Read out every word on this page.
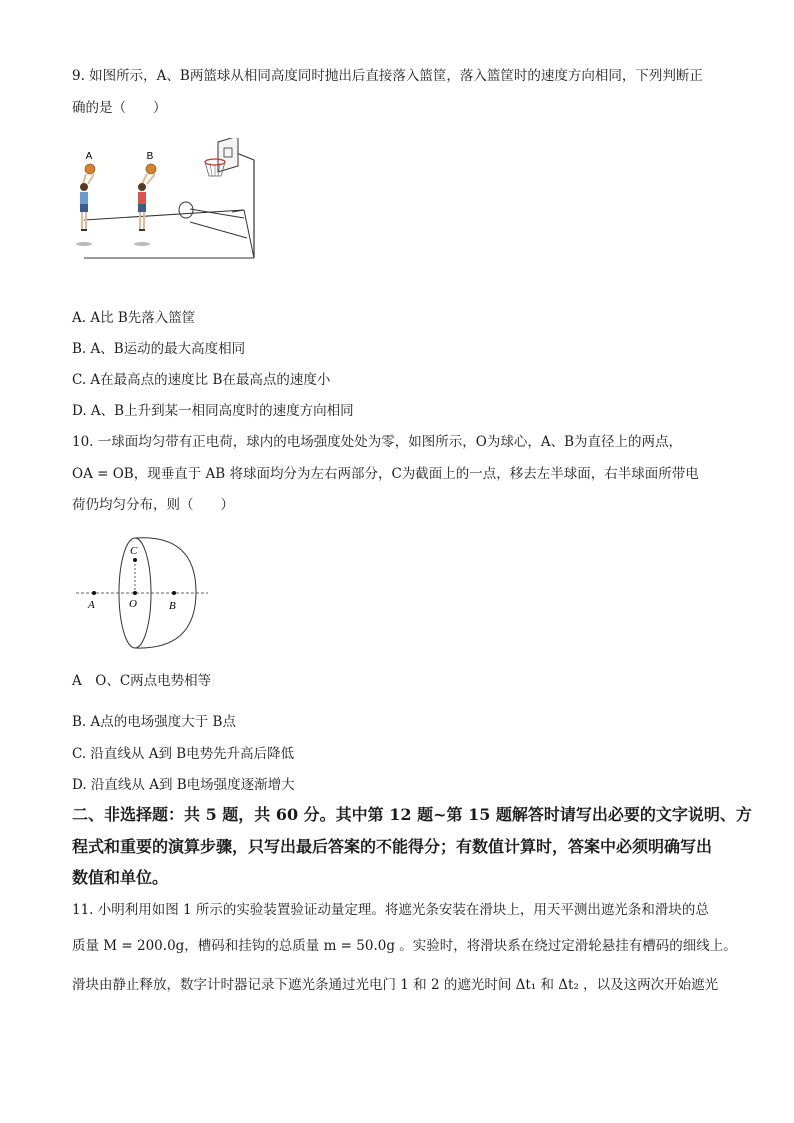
9. 如图所示，A、B两篮球从相同高度同时抛出后直接落入篮筐，落入篮筐时的速度方向相同，下列判断正
确的是（　　）
A	B
A. A比 B先落入篮筐
B. A、B运动的最大高度相同
C. A在最高点的速度比 B在最高点的速度小
D. A、B上升到某一相同高度时的速度方向相同
10. 一球面均匀带有正电荷，球内的电场强度处处为零，如图所示，O为球心，A、B为直径上的两点，
OA = OB，现垂直于 AB 将球面均分为左右两部分，C为截面上的一点，移去左半球面，右半球面所带电
荷仍均匀分布，则（　　）
C
A	O	B
A　O、C两点电势相等
B. A点的电场强度大于 B点
C. 沿直线从 A到 B电势先升高后降低
D. 沿直线从 A到 B电场强度逐渐增大
二、非选择题：共 5 题，共 60 分。其中第 12 题~第 15 题解答时请写出必要的文字说明、方
程式和重要的演算步骤，只写出最后答案的不能得分；有数值计算时，答案中必须明确写出
数值和单位。
11. 小明利用如图 1 所示的实验装置验证动量定理。将遮光条安装在滑块上，用天平测出遮光条和滑块的总
质量 M = 200.0g，槽码和挂钩的总质量 m = 50.0g 。实验时，将滑块系在绕过定滑轮悬挂有槽码的细线上。
滑块由静止释放，数字计时器记录下遮光条通过光电门 1 和 2 的遮光时间 Δt₁ 和 Δt₂ ，以及这两次开始遮光
